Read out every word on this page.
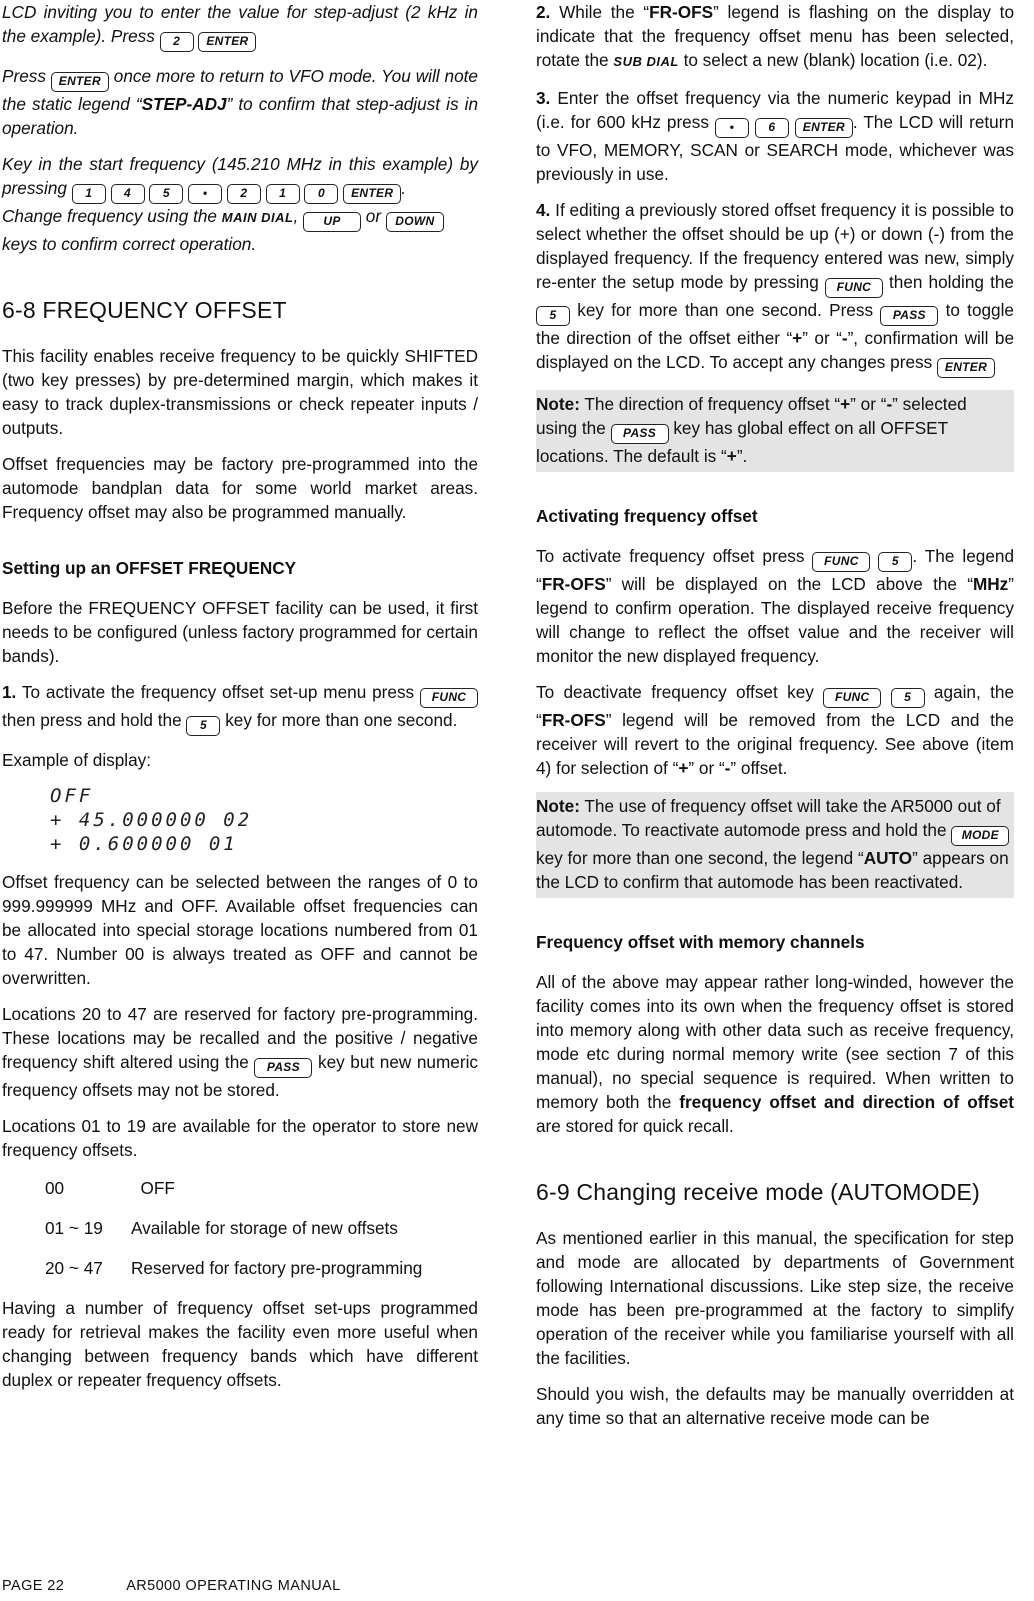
LCD inviting you to enter the value for step-adjust (2 kHz in the example). Press 2 ENTER

Press ENTER once more to return to VFO mode. You will note the static legend “STEP-ADJ” to confirm that step-adjust is in operation.

Key in the start frequency (145.210 MHz in this example) by pressing 1	4	5	•	2	1	0 ENTER .
Change frequency using the MAIN DIAL, UP or DOWN
keys to confirm correct operation.

6-8 FREQUENCY OFFSET

This facility enables receive frequency to be quickly SHIFTED (two key presses) by pre-determined margin, which makes it easy to track duplex-transmissions or check repeater inputs / outputs.

Offset frequencies may be factory pre-programmed into the automode bandplan data for some world market areas. Frequency offset may also be programmed manually.

Setting up an OFFSET FREQUENCY

Before the FREQUENCY OFFSET facility can be used, it first needs to be configured (unless factory programmed for certain bands).

1. To activate the frequency offset set-up menu press FUNC then press and hold the 5 key for more than one second.

Example of display:

OFF
+ 45.000000 02
+ 0.600000 01

Offset frequency can be selected between the ranges of 0 to 999.999999 MHz and OFF. Available offset frequencies can be allocated into special storage locations numbered from 01 to 47. Number 00 is always treated as OFF and cannot be overwritten.

Locations 20 to 47 are reserved for factory pre-programming. These locations may be recalled and the positive / negative frequency shift altered using the PASS key but new numeric frequency offsets may not be stored.

Locations 01 to 19 are available for the operator to store new frequency offsets.

00	OFF
01 ~ 19	Available for storage of new offsets
20 ~ 47	Reserved for factory pre-programming

Having a number of frequency offset set-ups programmed ready for retrieval makes the facility even more useful when changing between frequency bands which have different duplex or repeater frequency offsets.

2. While the “FR-OFS” legend is flashing on the display to indicate that the frequency offset menu has been selected, rotate the SUB DIAL to select a new (blank) location (i.e. 02).

3. Enter the offset frequency via the numeric keypad in MHz (i.e. for 600 kHz press •	6 ENTER . The LCD will return to VFO, MEMORY, SCAN or SEARCH mode, whichever was previously in use.

4. If editing a previously stored offset frequency it is possible to select whether the offset should be up (+) or down (-) from the displayed frequency. If the frequency entered was new, simply re-enter the setup mode by pressing FUNC then holding the 5 key for more than one second. Press PASS to toggle the direction of the offset either “+” or “-”, confirmation will be displayed on the LCD. To accept any changes press ENTER

Note: The direction of frequency offset “+” or “-” selected using the PASS key has global effect on all OFFSET locations. The default is “+”.
Activating frequency offset

To activate frequency offset press FUNC	5 . The legend “FR-OFS” will be displayed on the LCD above the “MHz” legend to confirm operation. The displayed receive frequency will change to reflect the offset value and the receiver will monitor the new displayed frequency.

To deactivate frequency offset key FUNC	5 again, the “FR-OFS” legend will be removed from the LCD and the receiver will revert to the original frequency. See above (item 4) for selection of “+” or “-” offset.

Note: The use of frequency offset will take the AR5000 out of automode. To reactivate automode press and hold the MODE key for more than one second, the legend “AUTO” appears on the LCD to confirm that automode has been reactivated.
Frequency offset with memory channels

All of the above may appear rather long-winded, however the facility comes into its own when the frequency offset is stored into memory along with other data such as receive frequency, mode etc during normal memory write (see section 7 of this manual), no special sequence is required. When written to memory both the frequency offset and direction of offset are stored for quick recall.

6-9 Changing receive mode (AUTOMODE)

As mentioned earlier in this manual, the specification for step and mode are allocated by departments of Government following International discussions. Like step size, the receive mode has been pre-programmed at the factory to simplify operation of the receiver while you familiarise yourself with all the facilities.

Should you wish, the defaults may be manually overridden at any time so that an alternative receive mode can be

PAGE 22	AR5000 OPERATING MANUAL
